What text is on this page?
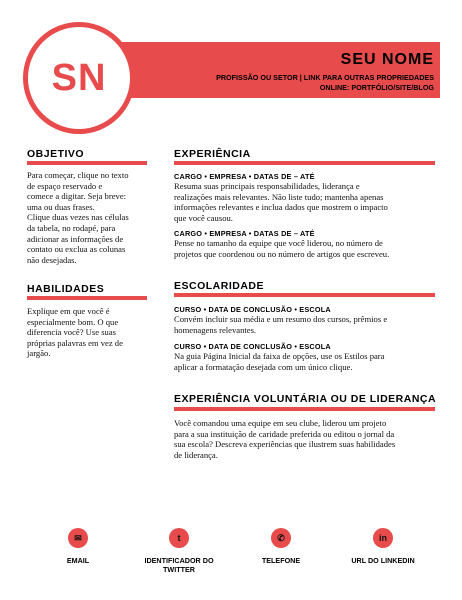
SN	SEU NOME
PROFISSÃO OU SETOR | LINK PARA OUTRAS PROPRIEDADES
ONLINE: PORTFÓLIO/SITE/BLOG
OBJETIVO
Para começar, clique no texto
de espaço reservado e
comece a digitar. Seja breve:
uma ou duas frases.
Clique duas vezes nas células
da tabela, no rodapé, para
adicionar as informações de
contato ou exclua as colunas
não desejadas.
HABILIDADES
Explique em que você é
especialmente bom. O que
diferencia você? Use suas
próprias palavras em vez de
jargão.
EXPERIÊNCIA
CARGO • EMPRESA • DATAS DE – ATÉ
Resuma suas principais responsabilidades, liderança e
realizações mais relevantes. Não liste tudo; mantenha apenas
informações relevantes e inclua dados que mostrem o impacto
que você causou.
CARGO • EMPRESA • DATAS DE – ATÉ
Pense no tamanho da equipe que você liderou, no número de
projetos que coordenou ou no número de artigos que escreveu.
ESCOLARIDADE
CURSO • DATA DE CONCLUSÃO • ESCOLA
Convém incluir sua média e um resumo dos cursos, prêmios e
homenagens relevantes.
CURSO • DATA DE CONCLUSÃO • ESCOLA
Na guia Página Inicial da faixa de opções, use os Estilos para
aplicar a formatação desejada com um único clique.
EXPERIÊNCIA VOLUNTÁRIA OU DE LIDERANÇA
Você comandou uma equipe em seu clube, liderou um projeto
para a sua instituição de caridade preferida ou editou o jornal da
sua escola? Descreva experiências que ilustrem suas habilidades
de liderança.
✉
EMAIL
t
IDENTIFICADOR DO
TWITTER
✆
TELEFONE
in
URL DO LINKEDIN
